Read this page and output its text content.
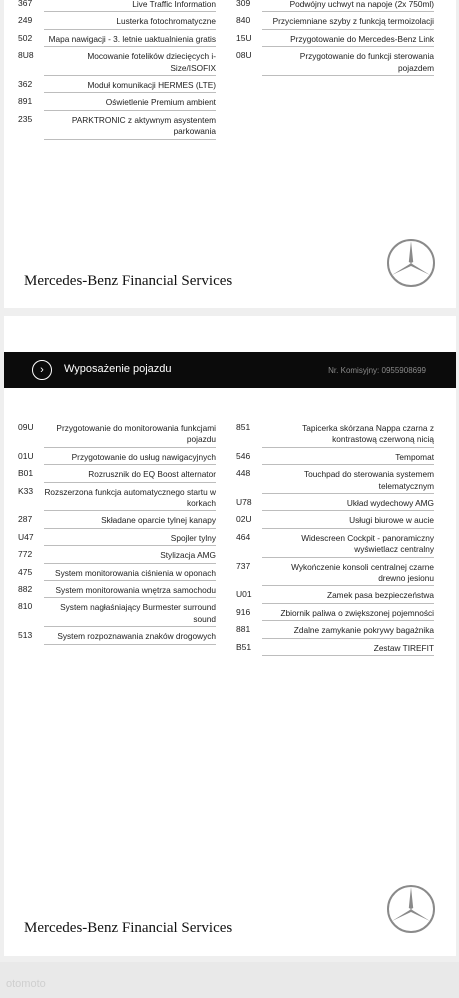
367	Live Traffic Information
249	Lusterka fotochromatyczne
502	Mapa nawigacji - 3. letnie uaktualnienia gratis
8U8	Mocowanie fotelików dziecięcych i-Size/ISOFIX
362	Moduł komunikacji HERMES (LTE)
891	Oświetlenie Premium ambient
235	PARKTRONIC z aktywnym asystentem parkowania
309	Podwójny uchwyt na napoje (2x 750ml)
840	Przyciemniane szyby z funkcją termoizolacji
15U	Przygotowanie do Mercedes-Benz Link
08U	Przygotowanie do funkcji sterowania pojazdem
Mercedes-Benz Financial Services
›	Wyposażenie pojazdu	Nr. Komisyjny: 0955908699
09U	Przygotowanie do monitorowania funkcjami pojazdu
01U	Przygotowanie do usług nawigacyjnych
B01	Rozrusznik do EQ Boost alternator
K33	Rozszerzona funkcja automatycznego startu w korkach
287	Składane oparcie tylnej kanapy
U47	Spojler tylny
772	Stylizacja AMG
475	System monitorowania ciśnienia w oponach
882	System monitorowania wnętrza samochodu
810	System nagłaśniający Burmester surround sound
513	System rozpoznawania znaków drogowych
851	Tapicerka skórzana Nappa czarna z kontrastową czerwoną nicią
546	Tempomat
448	Touchpad do sterowania systemem telematycznym
U78	Układ wydechowy AMG
02U	Usługi biurowe w aucie
464	Widescreen Cockpit - panoramiczny wyświetlacz centralny
737	Wykończenie konsoli centralnej czarne drewno jesionu
U01	Zamek pasa bezpieczeństwa
916	Zbiornik paliwa o zwiększonej pojemności
881	Zdalne zamykanie pokrywy bagażnika
B51	Zestaw TIREFIT
Mercedes-Benz Financial Services
otomoto
